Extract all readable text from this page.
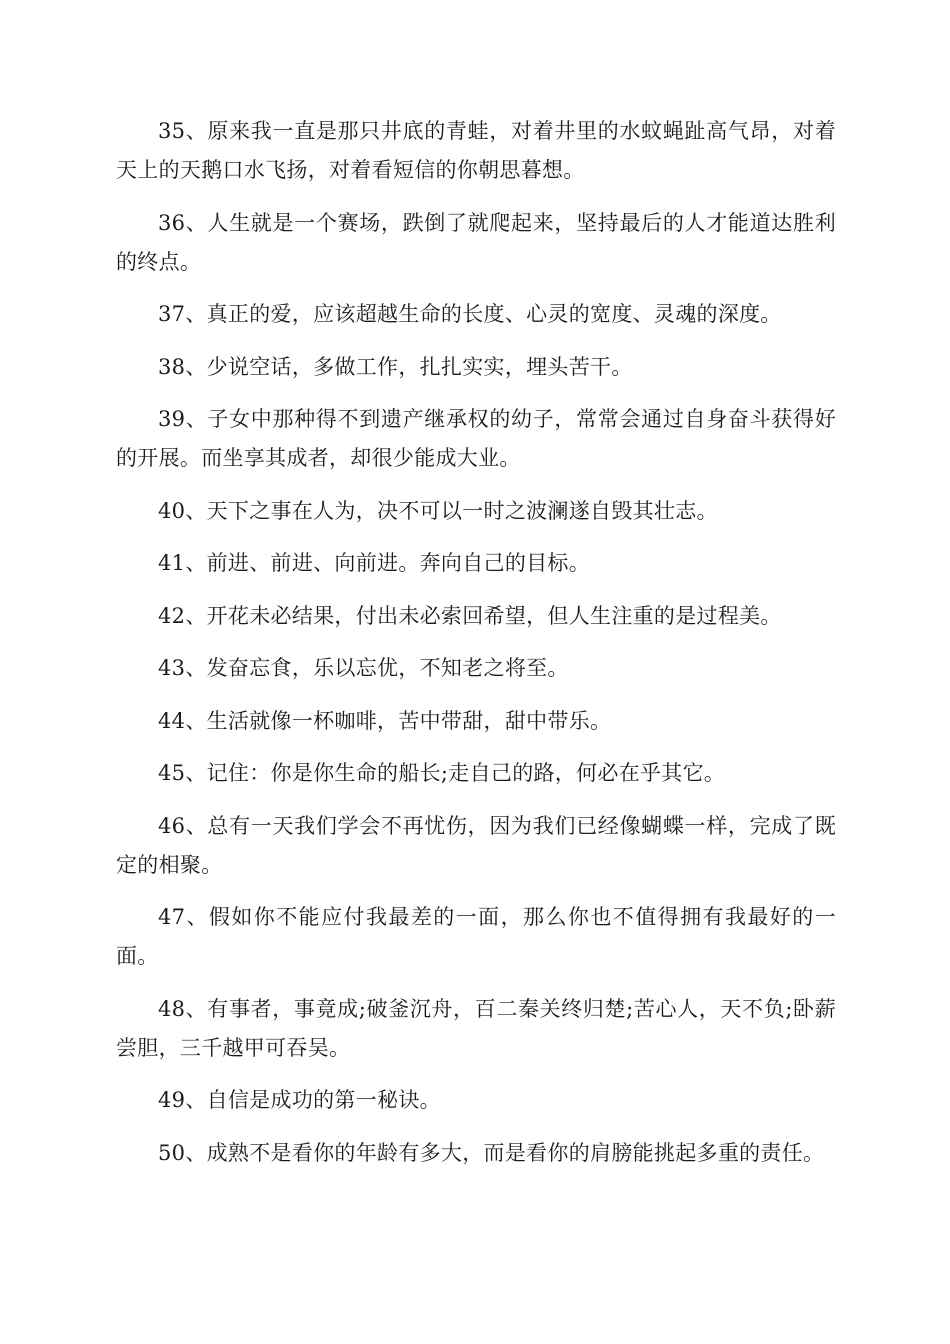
35、原来我一直是那只井底的青蛙，对着井里的水蚊蝇趾高气昂，对着天上的天鹅口水飞扬，对着看短信的你朝思暮想。

36、人生就是一个赛场，跌倒了就爬起来，坚持最后的人才能道达胜利的终点。

37、真正的爱，应该超越生命的长度、心灵的宽度、灵魂的深度。

38、少说空话，多做工作，扎扎实实，埋头苦干。

39、子女中那种得不到遗产继承权的幼子，常常会通过自身奋斗获得好的开展。而坐享其成者，却很少能成大业。

40、天下之事在人为，决不可以一时之波澜遂自毁其壮志。

41、前进、前进、向前进。奔向自己的目标。

42、开花未必结果，付出未必索回希望，但人生注重的是过程美。

43、发奋忘食，乐以忘优，不知老之将至。

44、生活就像一杯咖啡，苦中带甜，甜中带乐。

45、记住：你是你生命的船长;走自己的路，何必在乎其它。

46、总有一天我们学会不再忧伤，因为我们已经像蝴蝶一样，完成了既定的相聚。

47、假如你不能应付我最差的一面，那么你也不值得拥有我最好的一面。

48、有事者，事竟成;破釜沉舟，百二秦关终归楚;苦心人，天不负;卧薪尝胆，三千越甲可吞吴。

49、自信是成功的第一秘诀。

50、成熟不是看你的年龄有多大，而是看你的肩膀能挑起多重的责任。
